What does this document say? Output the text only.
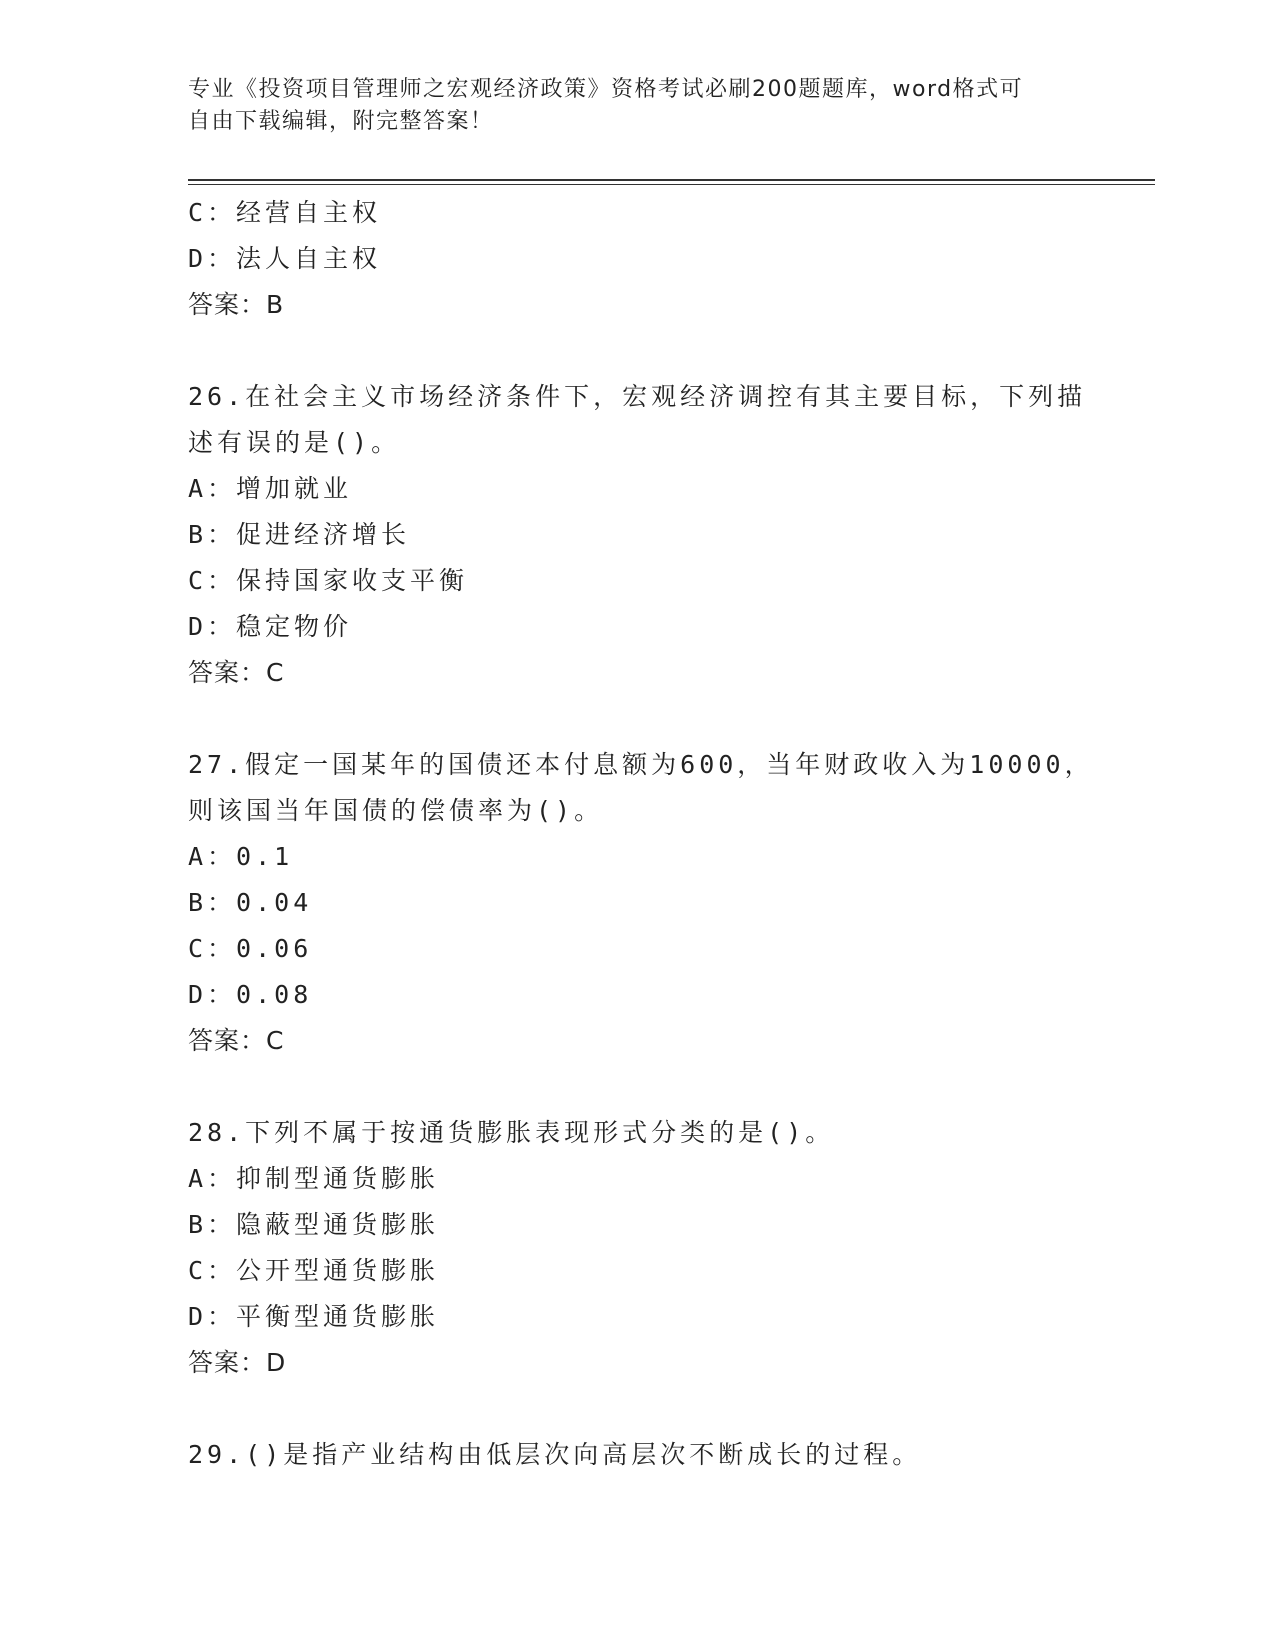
专业《投资项目管理师之宏观经济政策》资格考试必刷200题题库，word格式可
自由下载编辑，附完整答案！
C：经营自主权
D：法人自主权
答案：B
26.在社会主义市场经济条件下，宏观经济调控有其主要目标，下列描
述有误的是()。
A：增加就业
B：促进经济增长
C：保持国家收支平衡
D：稳定物价
答案：C
27.假定一国某年的国债还本付息额为600，当年财政收入为10000，
则该国当年国债的偿债率为()。
A：0.1
B：0.04
C：0.06
D：0.08
答案：C
28.下列不属于按通货膨胀表现形式分类的是()。
A：抑制型通货膨胀
B：隐蔽型通货膨胀
C：公开型通货膨胀
D：平衡型通货膨胀
答案：D
29.()是指产业结构由低层次向高层次不断成长的过程。
